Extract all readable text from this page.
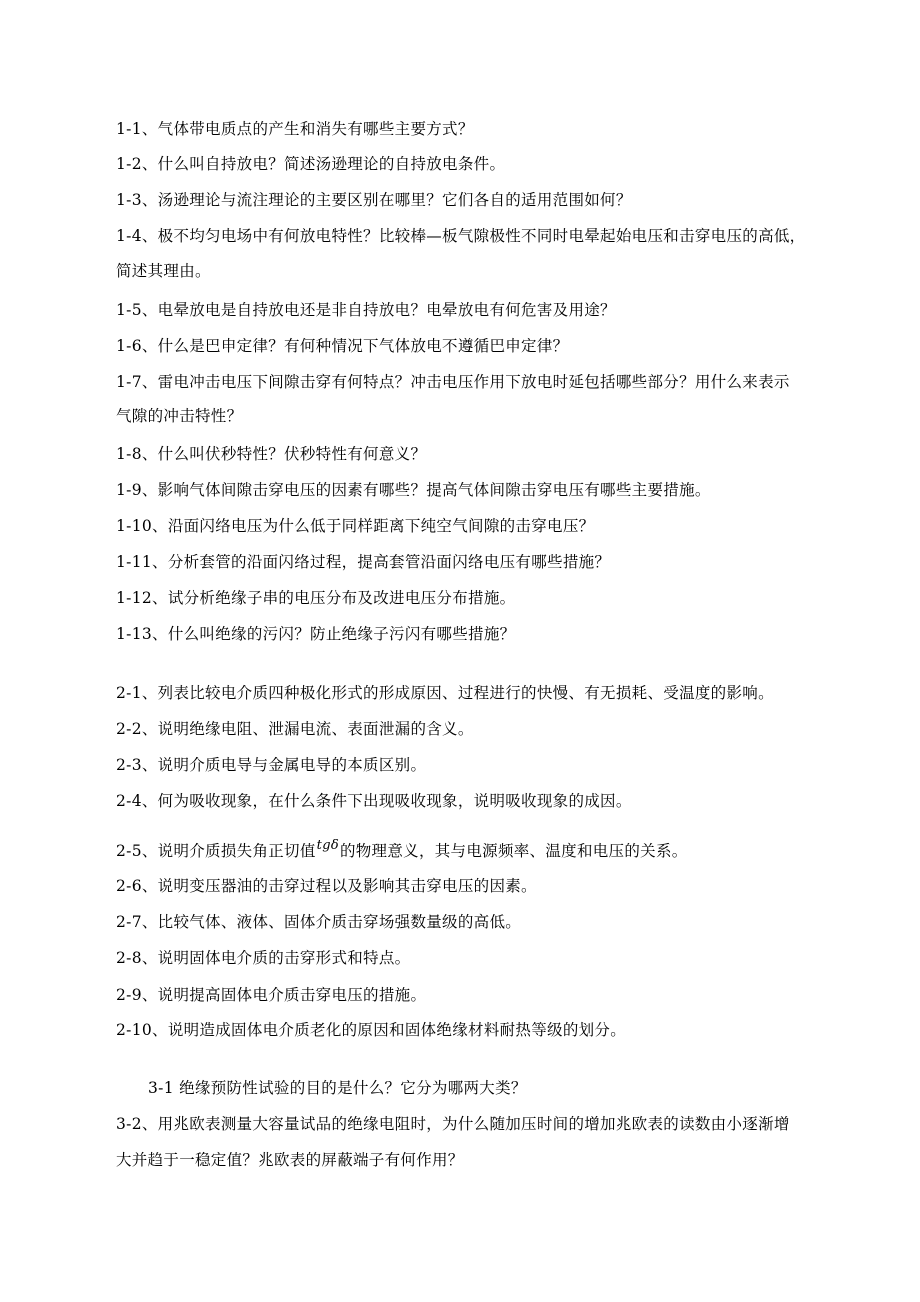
1-1、气体带电质点的产生和消失有哪些主要方式？
1-2、什么叫自持放电？简述汤逊理论的自持放电条件。
1-3、汤逊理论与流注理论的主要区别在哪里？它们各自的适用范围如何？
1-4、极不均匀电场中有何放电特性？比较棒—板气隙极性不同时电晕起始电压和击穿电压的高低，
简述其理由。
1-5、电晕放电是自持放电还是非自持放电？电晕放电有何危害及用途？
1-6、什么是巴申定律？有何种情况下气体放电不遵循巴申定律？
1-7、雷电冲击电压下间隙击穿有何特点？冲击电压作用下放电时延包括哪些部分？用什么来表示
气隙的冲击特性？
1-8、什么叫伏秒特性？伏秒特性有何意义？
1-9、影响气体间隙击穿电压的因素有哪些？提高气体间隙击穿电压有哪些主要措施。
1-10、沿面闪络电压为什么低于同样距离下纯空气间隙的击穿电压？
1-11、分析套管的沿面闪络过程，提高套管沿面闪络电压有哪些措施？
1-12、试分析绝缘子串的电压分布及改进电压分布措施。
1-13、什么叫绝缘的污闪？防止绝缘子污闪有哪些措施？
2-1、列表比较电介质四种极化形式的形成原因、过程进行的快慢、有无损耗、受温度的影响。
2-2、说明绝缘电阻、泄漏电流、表面泄漏的含义。
2-3、说明介质电导与金属电导的本质区别。
2-4、何为吸收现象，在什么条件下出现吸收现象，说明吸收现象的成因。
2-5、说明介质损失角正切值$^{tg\delta}$的物理意义，其与电源频率、温度和电压的关系。
2-6、说明变压器油的击穿过程以及影响其击穿电压的因素。
2-7、比较气体、液体、固体介质击穿场强数量级的高低。
2-8、说明固体电介质的击穿形式和特点。
2-9、说明提高固体电介质击穿电压的措施。
2-10、说明造成固体电介质老化的原因和固体绝缘材料耐热等级的划分。
3-1 绝缘预防性试验的目的是什么？它分为哪两大类？
3-2、用兆欧表测量大容量试品的绝缘电阻时，为什么随加压时间的增加兆欧表的读数由小逐渐增
大并趋于一稳定值？兆欧表的屏蔽端子有何作用？
